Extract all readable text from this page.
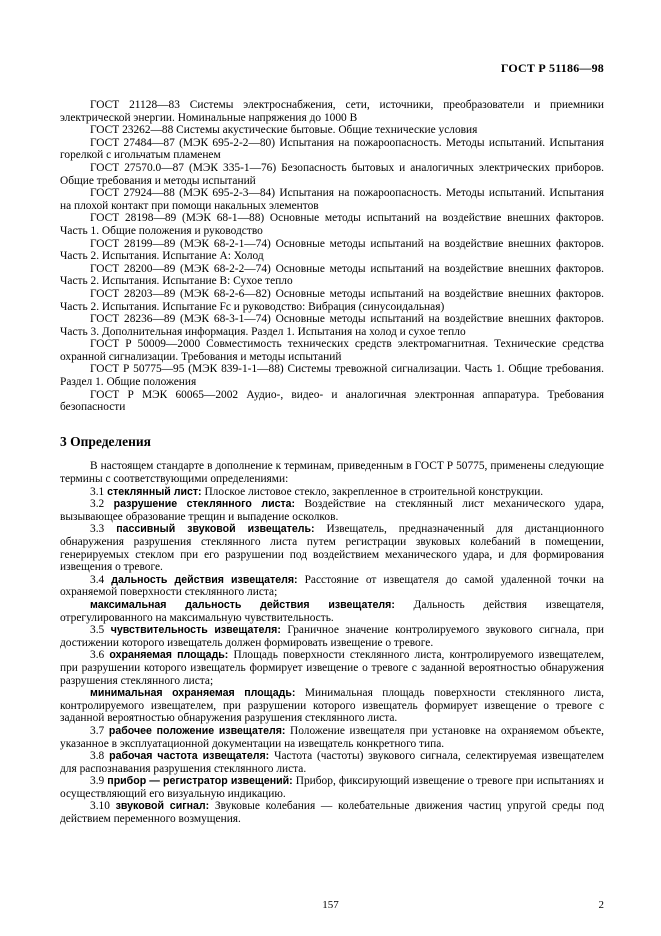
ГОСТ Р 51186—98

ГОСТ 21128—83 Системы электроснабжения, сети, источники, преобразователи и приемники электрической энергии. Номинальные напряжения до 1000 В

ГОСТ 23262—88 Системы акустические бытовые. Общие технические условия

ГОСТ 27484—87 (МЭК 695-2-2—80) Испытания на пожароопасность. Методы испытаний. Испытания горелкой с игольчатым пламенем

ГОСТ 27570.0—87 (МЭК 335-1—76) Безопасность бытовых и аналогичных электрических приборов. Общие требования и методы испытаний

ГОСТ 27924—88 (МЭК 695-2-3—84) Испытания на пожароопасность. Методы испытаний. Испытания на плохой контакт при помощи накальных элементов

ГОСТ 28198—89 (МЭК 68-1—88) Основные методы испытаний на воздействие внешних факторов. Часть 1. Общие положения и руководство

ГОСТ 28199—89 (МЭК 68-2-1—74) Основные методы испытаний на воздействие внешних факторов. Часть 2. Испытания. Испытание А: Холод

ГОСТ 28200—89 (МЭК 68-2-2—74) Основные методы испытаний на воздействие внешних факторов. Часть 2. Испытания. Испытание В: Сухое тепло

ГОСТ 28203—89 (МЭК 68-2-6—82) Основные методы испытаний на воздействие внешних факторов. Часть 2. Испытания. Испытание Fc и руководство: Вибрация (синусоидальная)

ГОСТ 28236—89 (МЭК 68-3-1—74) Основные методы испытаний на воздействие внешних факторов. Часть 3. Дополнительная информация. Раздел 1. Испытания на холод и сухое тепло

ГОСТ Р 50009—2000 Совместимость технических средств электромагнитная. Технические средства охранной сигнализации. Требования и методы испытаний

ГОСТ Р 50775—95 (МЭК 839-1-1—88) Системы тревожной сигнализации. Часть 1. Общие требования. Раздел 1. Общие положения

ГОСТ Р МЭК 60065—2002 Аудио-, видео- и аналогичная электронная аппаратура. Требования безопасности

3 Определения

В настоящем стандарте в дополнение к терминам, приведенным в ГОСТ Р 50775, применены следующие термины с соответствующими определениями:

3.1 стеклянный лист: Плоское листовое стекло, закрепленное в строительной конструкции.

3.2 разрушение стеклянного листа: Воздействие на стеклянный лист механического удара, вызывающее образование трещин и выпадение осколков.

3.3 пассивный звуковой извещатель: Извещатель, предназначенный для дистанционного обнаружения разрушения стеклянного листа путем регистрации звуковых колебаний в помещении, генерируемых стеклом при его разрушении под воздействием механического удара, и для формирования извещения о тревоге.

3.4 дальность действия извещателя: Расстояние от извещателя до самой удаленной точки на охраняемой поверхности стеклянного листа;

максимальная дальность действия извещателя: Дальность действия извещателя, отрегулированного на максимальную чувствительность.

3.5 чувствительность извещателя: Граничное значение контролируемого звукового сигнала, при достижении которого извещатель должен формировать извещение о тревоге.

3.6 охраняемая площадь: Площадь поверхности стеклянного листа, контролируемого извещателем, при разрушении которого извещатель формирует извещение о тревоге с заданной вероятностью обнаружения разрушения стеклянного листа;

минимальная охраняемая площадь: Минимальная площадь поверхности стеклянного листа, контролируемого извещателем, при разрушении которого извещатель формирует извещение о тревоге с заданной вероятностью обнаружения разрушения стеклянного листа.

3.7 рабочее положение извещателя: Положение извещателя при установке на охраняемом объекте, указанное в эксплуатационной документации на извещатель конкретного типа.

3.8 рабочая частота извещателя: Частота (частоты) звукового сигнала, селектируемая извещателем для распознавания разрушения стеклянного листа.

3.9 прибор — регистратор извещений: Прибор, фиксирующий извещение о тревоге при испытаниях и осуществляющий его визуальную индикацию.

3.10 звуковой сигнал: Звуковые колебания — колебательные движения частиц упругой среды под действием переменного возмущения.

157	2
